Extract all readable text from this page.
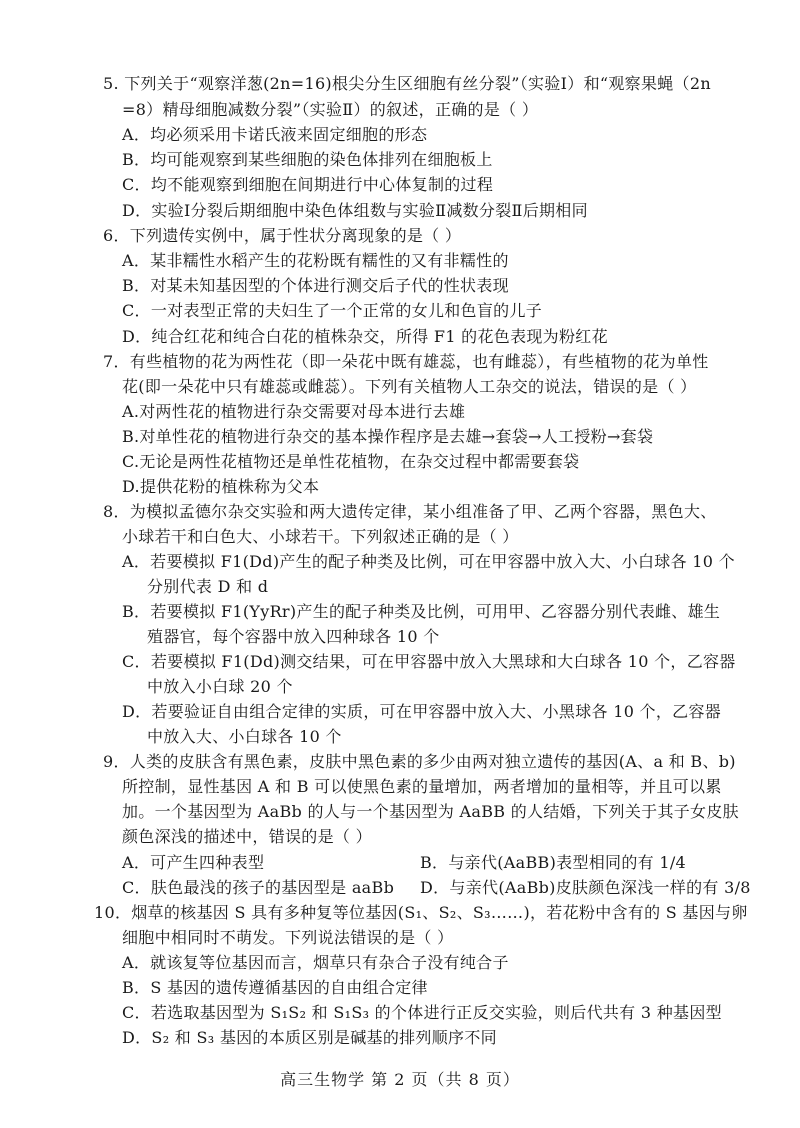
5. 下列关于“观察洋葱(2n=16)根尖分生区细胞有丝分裂”（实验Ⅰ）和“观察果蝇（2n
=8）精母细胞减数分裂”（实验Ⅱ）的叙述，正确的是（ ）
A．均必须采用卡诺氏液来固定细胞的形态
B．均可能观察到某些细胞的染色体排列在细胞板上
C．均不能观察到细胞在间期进行中心体复制的过程
D．实验Ⅰ分裂后期细胞中染色体组数与实验Ⅱ减数分裂Ⅱ后期相同
6．下列遗传实例中，属于性状分离现象的是（ ）
A．某非糯性水稻产生的花粉既有糯性的又有非糯性的
B．对某未知基因型的个体进行测交后子代的性状表现
C．一对表型正常的夫妇生了一个正常的女儿和色盲的儿子
D．纯合红花和纯合白花的植株杂交，所得 F1 的花色表现为粉红花
7．有些植物的花为两性花（即一朵花中既有雄蕊，也有雌蕊），有些植物的花为单性
花(即一朵花中只有雄蕊或雌蕊）。下列有关植物人工杂交的说法，错误的是（ ）
A.对两性花的植物进行杂交需要对母本进行去雄
B.对单性花的植物进行杂交的基本操作程序是去雄→套袋→人工授粉→套袋
C.无论是两性花植物还是单性花植物，在杂交过程中都需要套袋
D.提供花粉的植株称为父本
8．为模拟孟德尔杂交实验和两大遗传定律，某小组准备了甲、乙两个容器，黑色大、
小球若干和白色大、小球若干。下列叙述正确的是（ ）
A．若要模拟 F1(Dd)产生的配子种类及比例，可在甲容器中放入大、小白球各 10 个
分别代表 D 和 d
B．若要模拟 F1(YyRr)产生的配子种类及比例，可用甲、乙容器分别代表雌、雄生
殖器官，每个容器中放入四种球各 10 个
C．若要模拟 F1(Dd)测交结果，可在甲容器中放入大黑球和大白球各 10 个，乙容器
中放入小白球 20 个
D．若要验证自由组合定律的实质，可在甲容器中放入大、小黑球各 10 个，乙容器
中放入大、小白球各 10 个
9．人类的皮肤含有黑色素，皮肤中黑色素的多少由两对独立遗传的基因(A、a 和 B、b)
所控制，显性基因 A 和 B 可以使黑色素的量增加，两者增加的量相等，并且可以累
加。一个基因型为 AaBb 的人与一个基因型为 AaBB 的人结婚，下列关于其子女皮肤
颜色深浅的描述中，错误的是（ ）
A．可产生四种表型	B．与亲代(AaBB)表型相同的有 1/4
C．肤色最浅的孩子的基因型是 aaBb D．与亲代(AaBb)皮肤颜色深浅一样的有 3/8
10．烟草的核基因 S 具有多种复等位基因(S₁、S₂、S₃……)，若花粉中含有的 S 基因与卵
细胞中相同时不萌发。下列说法错误的是（ ）
A．就该复等位基因而言，烟草只有杂合子没有纯合子
B．S 基因的遗传遵循基因的自由组合定律
C．若选取基因型为 S₁S₂ 和 S₁S₃ 的个体进行正反交实验，则后代共有 3 种基因型
D．S₂ 和 S₃ 基因的本质区别是碱基的排列顺序不同
高三生物学 第 2 页（共 8 页）
